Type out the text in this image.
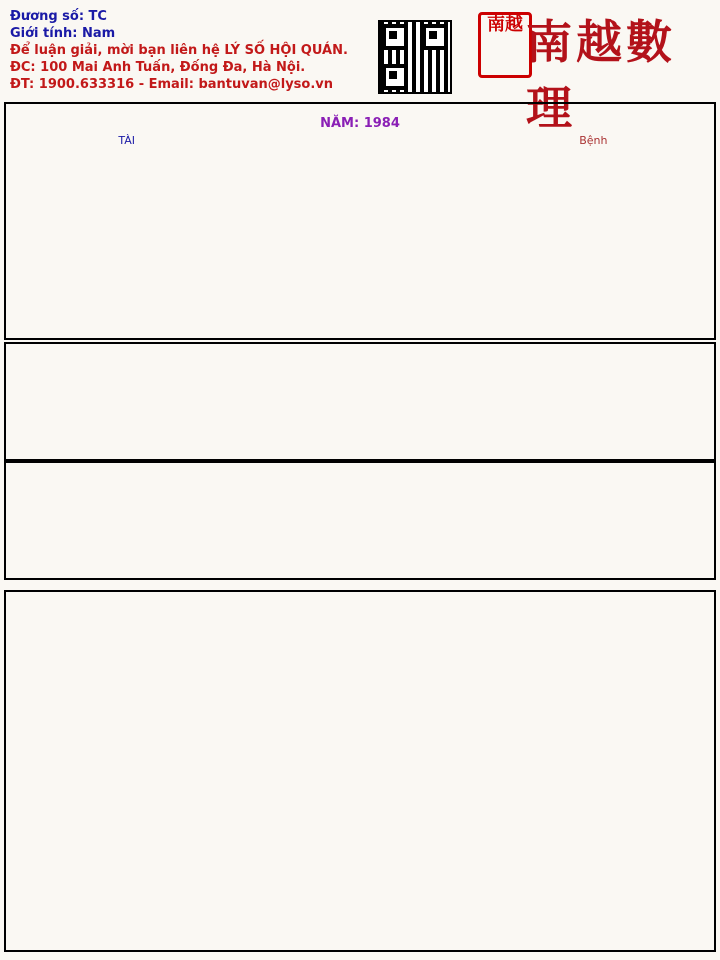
Đương số: TC
Giới tính: Nam
Để luận giải, mời bạn liên hệ LÝ SỐ HỘI QUÁN.
ĐC: 100 Mai Anh Tuấn, Đống Đa, Hà Nội.
ĐT: 1900.633316 - Email: bantuvan@lyso.vn
南越 南越數理
NĂM: 1984
TÀI	Bệnh
